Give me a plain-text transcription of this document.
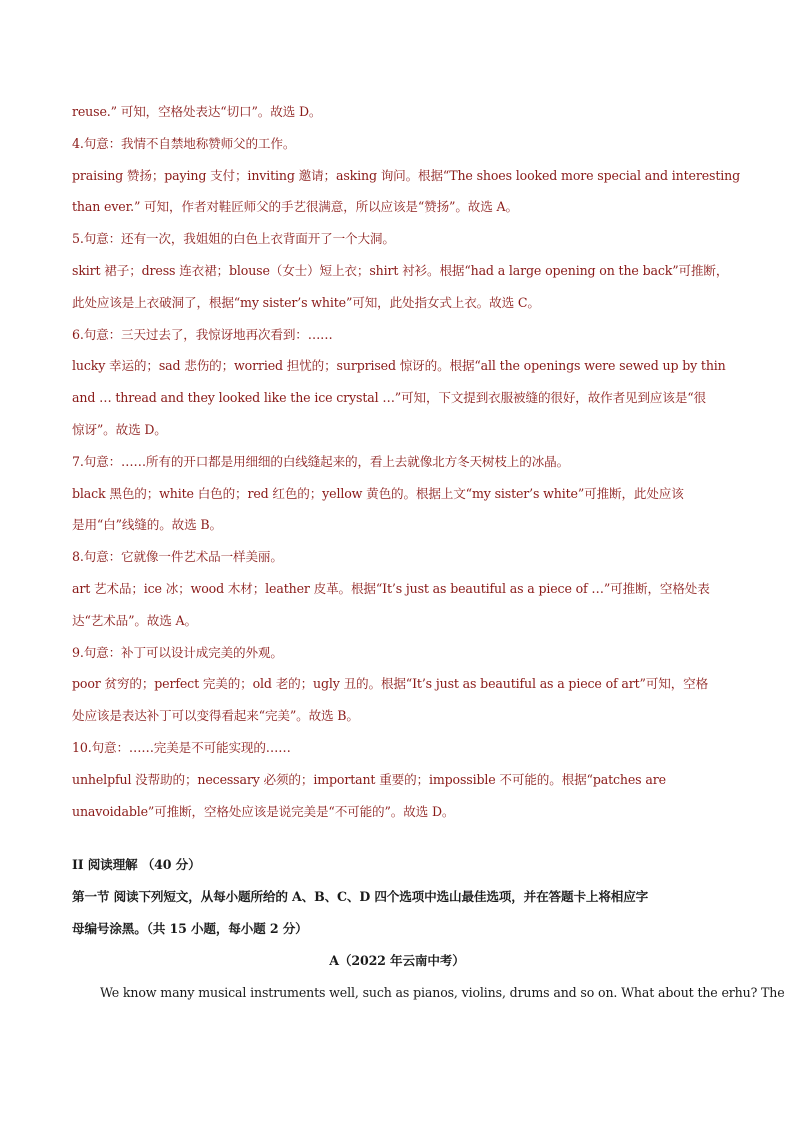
reuse.” 可知，空格处表达“切口”。故选 D。
4.句意：我情不自禁地称赞师父的工作。
praising 赞扬；paying 支付；inviting 邀请；asking 询问。根据“The shoes looked more special and interesting
than ever.” 可知，作者对鞋匠师父的手艺很满意，所以应该是“赞扬”。故选 A。
5.句意：还有一次，我姐姐的白色上衣背面开了一个大洞。
skirt 裙子；dress 连衣裙；blouse（女士）短上衣；shirt 衬衫。根据“had a large opening on the back”可推断，
此处应该是上衣破洞了，根据“my sister’s white”可知，此处指女式上衣。故选 C。
6.句意：三天过去了，我惊讶地再次看到：……
lucky 幸运的；sad 悲伤的；worried 担忧的；surprised 惊讶的。根据“all the openings were sewed up by thin
and … thread and they looked like the ice crystal …”可知，下文提到衣服被缝的很好，故作者见到应该是“很
惊讶”。故选 D。
7.句意：……所有的开口都是用细细的白线缝起来的，看上去就像北方冬天树枝上的冰晶。
black 黑色的；white 白色的；red 红色的；yellow 黄色的。根据上文“my sister’s white”可推断，此处应该
是用“白”线缝的。故选 B。
8.句意：它就像一件艺术品一样美丽。
art 艺术品；ice 冰；wood 木材；leather 皮革。根据“It’s just as beautiful as a piece of …”可推断，空格处表
达“艺术品”。故选 A。
9.句意：补丁可以设计成完美的外观。
poor 贫穷的；perfect 完美的；old 老的；ugly 丑的。根据“It’s just as beautiful as a piece of art”可知，空格
处应该是表达补丁可以变得看起来“完美”。故选 B。
10.句意：……完美是不可能实现的……
unhelpful 没帮助的；necessary 必须的；important 重要的；impossible 不可能的。根据“patches are
unavoidable”可推断，空格处应该是说完美是“不可能的”。故选 D。
II 阅读理解 （40 分）
第一节 阅读下列短文，从每小题所给的 A、B、C、D 四个选项中选山最佳选项，并在答题卡上将相应字
母编号涂黑。（共 15 小题，每小题 2 分）
A（2022 年云南中考）
We know many musical instruments well, such as pianos, violins, drums and so on. What about the erhu? The
